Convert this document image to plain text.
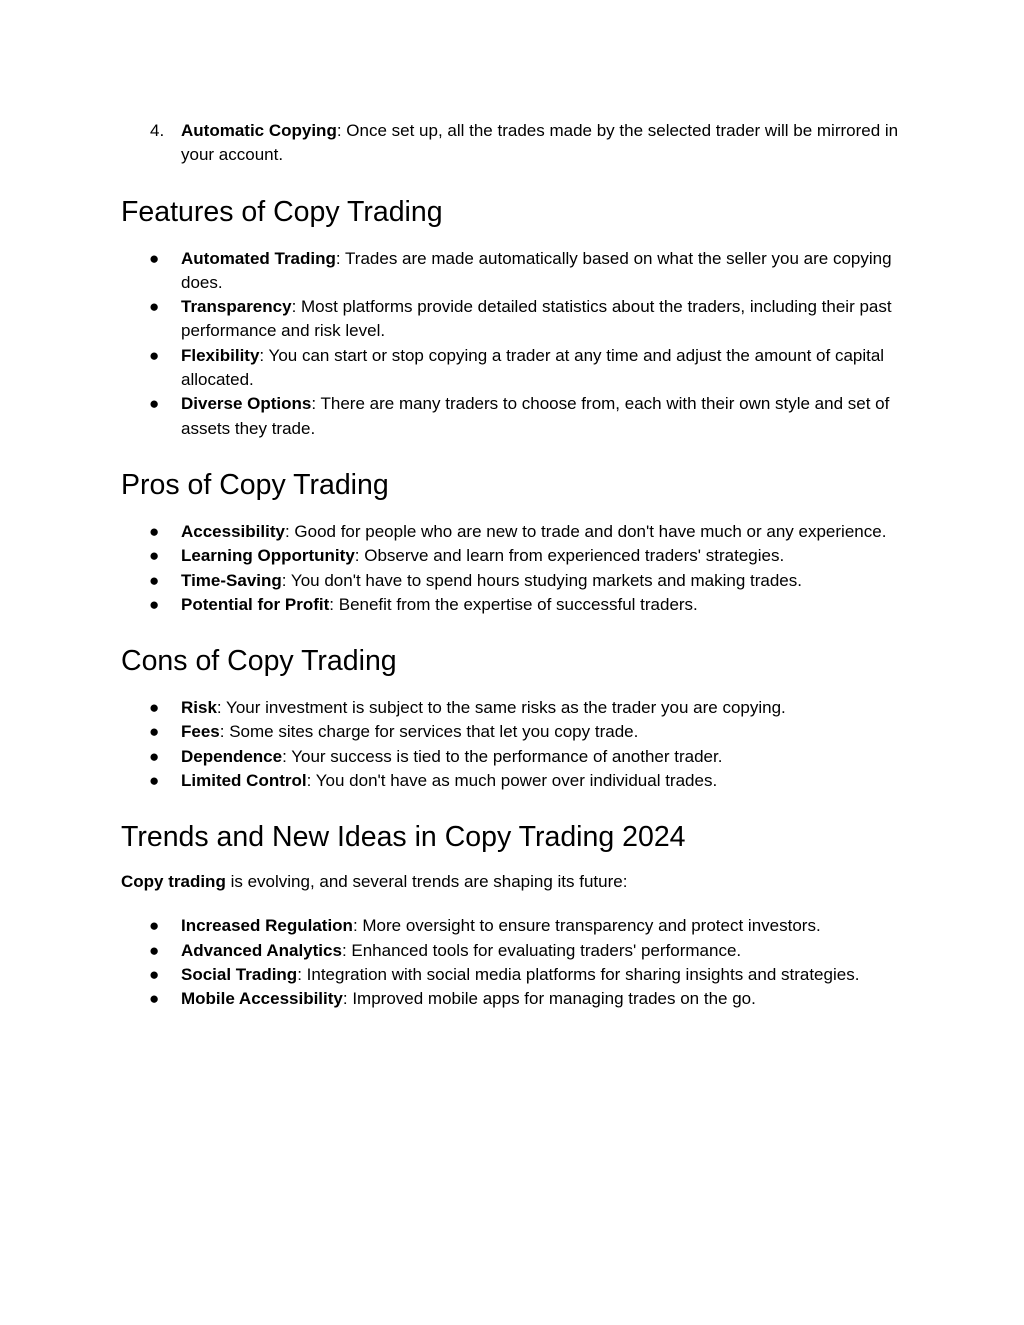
4. Automatic Copying: Once set up, all the trades made by the selected trader will be mirrored in your account.
Features of Copy Trading
● Automated Trading: Trades are made automatically based on what the seller you are copying does.
● Transparency: Most platforms provide detailed statistics about the traders, including their past performance and risk level.
● Flexibility: You can start or stop copying a trader at any time and adjust the amount of capital allocated.
● Diverse Options: There are many traders to choose from, each with their own style and set of assets they trade.
Pros of Copy Trading
● Accessibility: Good for people who are new to trade and don't have much or any experience.
● Learning Opportunity: Observe and learn from experienced traders' strategies.
● Time-Saving: You don't have to spend hours studying markets and making trades.
● Potential for Profit: Benefit from the expertise of successful traders.
Cons of Copy Trading
● Risk: Your investment is subject to the same risks as the trader you are copying.
● Fees: Some sites charge for services that let you copy trade.
● Dependence: Your success is tied to the performance of another trader.
● Limited Control: You don't have as much power over individual trades.
Trends and New Ideas in Copy Trading 2024
Copy trading is evolving, and several trends are shaping its future:
● Increased Regulation: More oversight to ensure transparency and protect investors.
● Advanced Analytics: Enhanced tools for evaluating traders' performance.
● Social Trading: Integration with social media platforms for sharing insights and strategies.
● Mobile Accessibility: Improved mobile apps for managing trades on the go.
